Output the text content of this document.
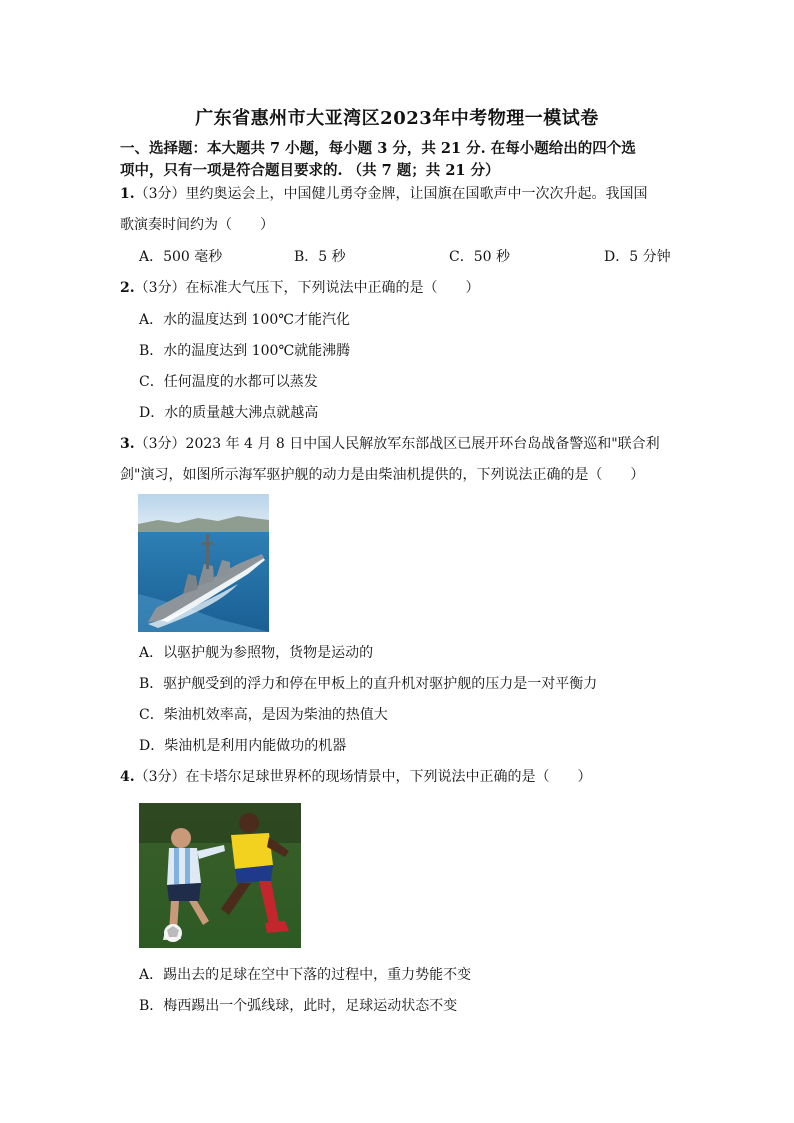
广东省惠州市大亚湾区2023年中考物理一模试卷
一、选择题：本大题共 7 小题，每小题 3 分，共 21 分. 在每小题给出的四个选
项中，只有一项是符合题目要求的. （共 7 题；共 21 分）
1.（3分）里约奥运会上，中国健儿勇夺金牌，让国旗在国歌声中一次次升起。我国国
歌演奏时间约为（　　）
A．500 毫秒	B．5 秒	C．50 秒	D．5 分钟
2.（3分）在标准大气压下，下列说法中正确的是（　　）
A．水的温度达到 100℃才能汽化
B．水的温度达到 100℃就能沸腾
C．任何温度的水都可以蒸发
D．水的质量越大沸点就越高
3.（3分）2023 年 4 月 8 日中国人民解放军东部战区已展开环台岛战备警巡和"联合利
剑"演习，如图所示海军驱护舰的动力是由柴油机提供的，下列说法正确的是（　　）
A．以驱护舰为参照物，货物是运动的
B．驱护舰受到的浮力和停在甲板上的直升机对驱护舰的压力是一对平衡力
C．柴油机效率高，是因为柴油的热值大
D．柴油机是利用内能做功的机器
4.（3分）在卡塔尔足球世界杯的现场情景中，下列说法中正确的是（　　）
A．踢出去的足球在空中下落的过程中，重力势能不变
B．梅西踢出一个弧线球，此时，足球运动状态不变
